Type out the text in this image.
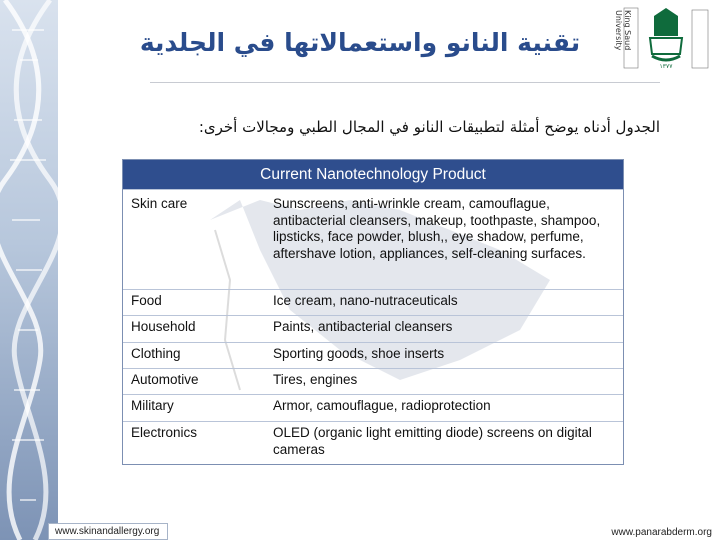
١٣٧٧
King Saud University
تقنية النانو واستعمالاتها في الجلدية
الجدول أدناه يوضح أمثلة لتطبيقات النانو في المجال الطبي ومجالات أخرى:
Current Nanotechnology Product
Skin care	Sunscreens, anti-wrinkle cream, camouflague, antibacterial cleansers, makeup, toothpaste, shampoo, lipsticks, face powder, blush,, eye shadow, perfume, aftershave lotion, appliances, self-cleaning surfaces.
Food	Ice cream, nano-nutraceuticals
Household	Paints, antibacterial cleansers
Clothing	Sporting goods, shoe inserts
Automotive	Tires, engines
Military	Armor, camouflague, radioprotection
Electronics	OLED (organic light emitting diode) screens on digital cameras
www.skinandallergy.org	www.panarabderm.org
